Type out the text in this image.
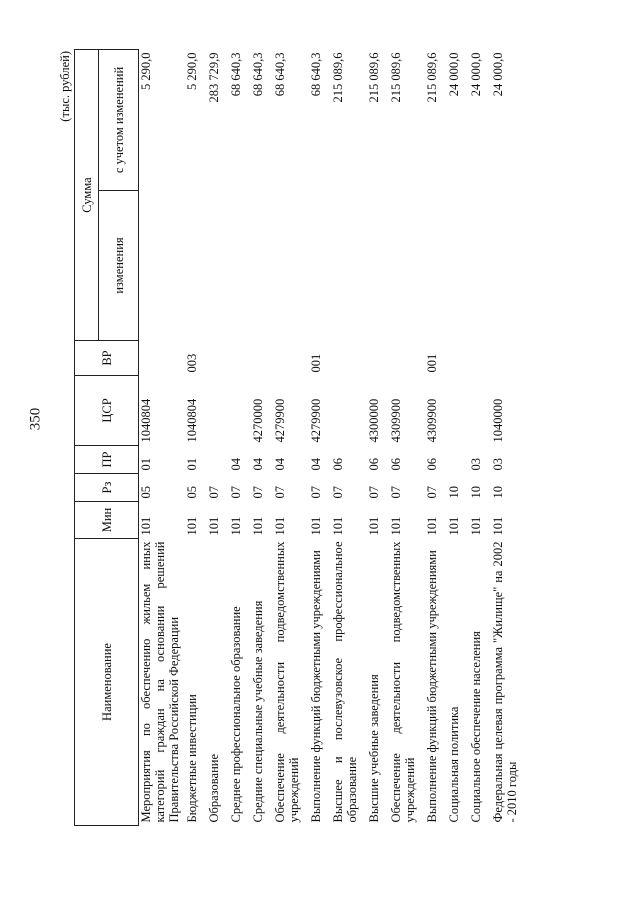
350
(тыс. рублей)
Наименование	Мин	Рз	ПР	ЦСР	ВР	Сумма	
						изменения	с учетом изменений
Мероприятия по обеспечению жильем иных категорий граждан на основании решений Правительства Российской Федерации	101	05	01	1040804			5 290,0
Бюджетные инвестиции	101	05	01	1040804	003		5 290,0
Образование	101	07					283 729,9
Среднее профессиональное образование	101	07	04				68 640,3
Средние специальные учебные заведения	101	07	04	4270000			68 640,3
Обеспечение деятельности подведомственных учреждений	101	07	04	4279900			68 640,3
Выполнение функций бюджетными учреждениями	101	07	04	4279900	001		68 640,3
Высшее и послевузовское профессиональное образование	101	07	06				215 089,6
Высшие учебные заведения	101	07	06	4300000			215 089,6
Обеспечение деятельности подведомственных учреждений	101	07	06	4309900			215 089,6
Выполнение функций бюджетными учреждениями	101	07	06	4309900	001		215 089,6
Социальная политика	101	10					24 000,0
Социальное обеспечение населения	101	10	03				24 000,0
Федеральная целевая программа "Жилище" на 2002 - 2010 годы	101	10	03	1040000			24 000,0
